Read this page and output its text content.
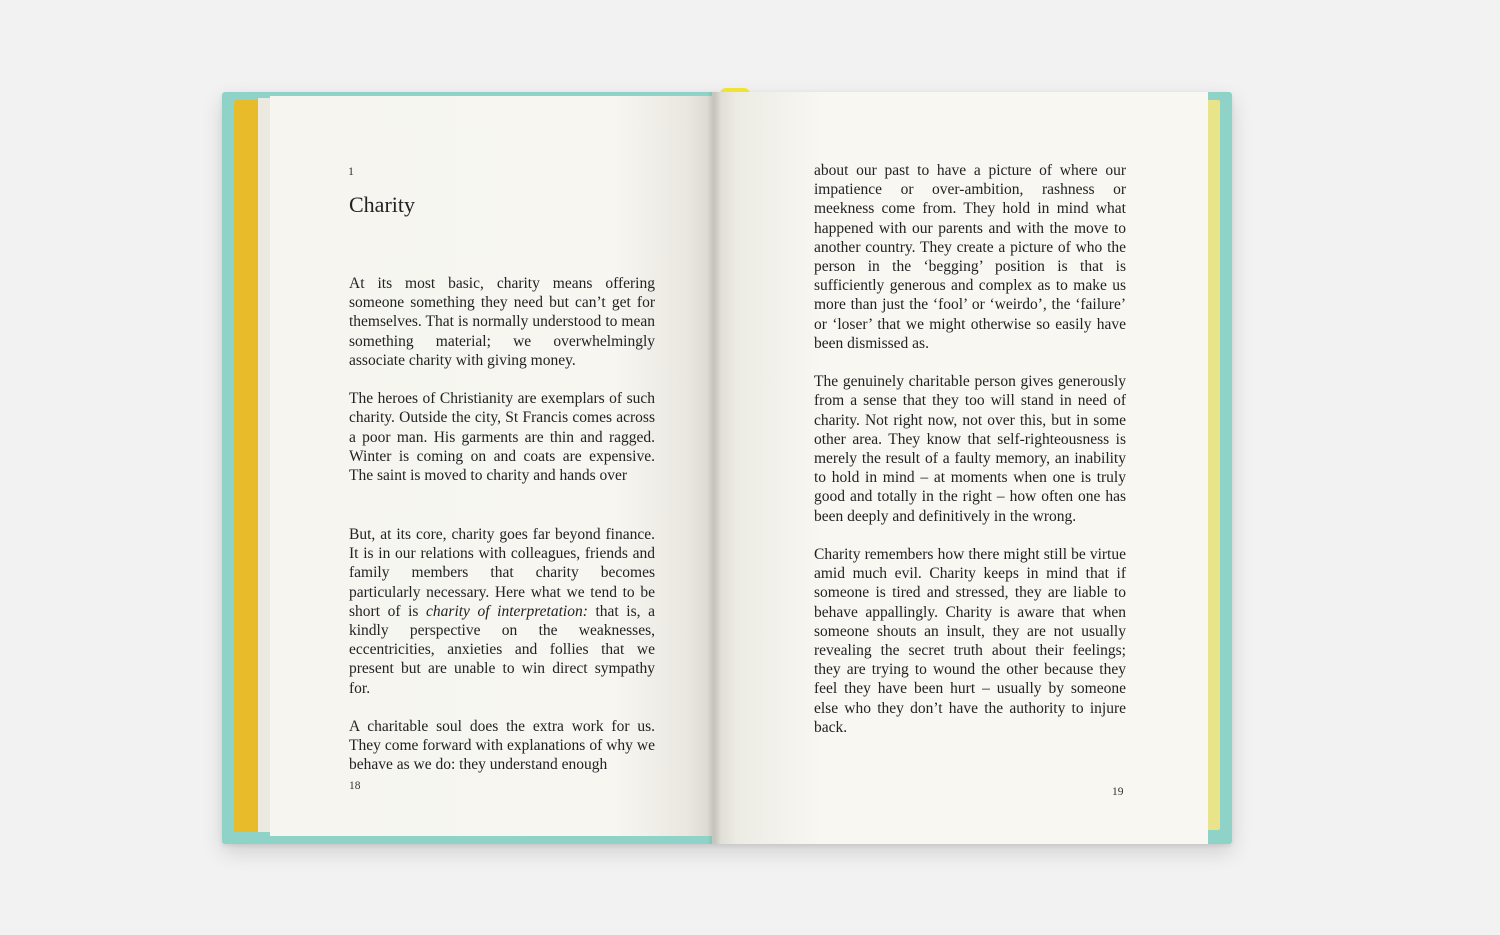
1
Charity

At its most basic, charity means offering someone something they need but can’t get for themselves. That is normally understood to mean something material; we overwhelmingly associate charity with giving money.

The heroes of Christianity are exemplars of such charity. Outside the city, St Francis comes across a poor man. His garments are thin and ragged. Winter is coming on and coats are expensive. The saint is moved to charity and hands over

But, at its core, charity goes far beyond finance. It is in our relations with colleagues, friends and family members that charity becomes particularly necessary. Here what we tend to be short of is charity of interpretation: that is, a kindly perspective on the weaknesses, eccentricities, anxieties and follies that we present but are unable to win direct sympathy for.

A charitable soul does the extra work for us. They come forward with explanations of why we behave as we do: they understand enough

18

about our past to have a picture of where our impatience or over-ambition, rashness or meekness come from. They hold in mind what happened with our parents and with the move to another country. They create a picture of who the person in the ‘begging’ position is that is sufficiently generous and complex as to make us more than just the ‘fool’ or ‘weirdo’, the ‘failure’ or ‘loser’ that we might otherwise so easily have been dismissed as.

The genuinely charitable person gives generously from a sense that they too will stand in need of charity. Not right now, not over this, but in some other area. They know that self-righteousness is merely the result of a faulty memory, an inability to hold in mind – at moments when one is truly good and totally in the right – how often one has been deeply and definitively in the wrong.

Charity remembers how there might still be virtue amid much evil. Charity keeps in mind that if someone is tired and stressed, they are liable to behave appallingly. Charity is aware that when someone shouts an insult, they are not usually revealing the secret truth about their feelings; they are trying to wound the other because they feel they have been hurt – usually by someone else who they don’t have the authority to injure back.

19
